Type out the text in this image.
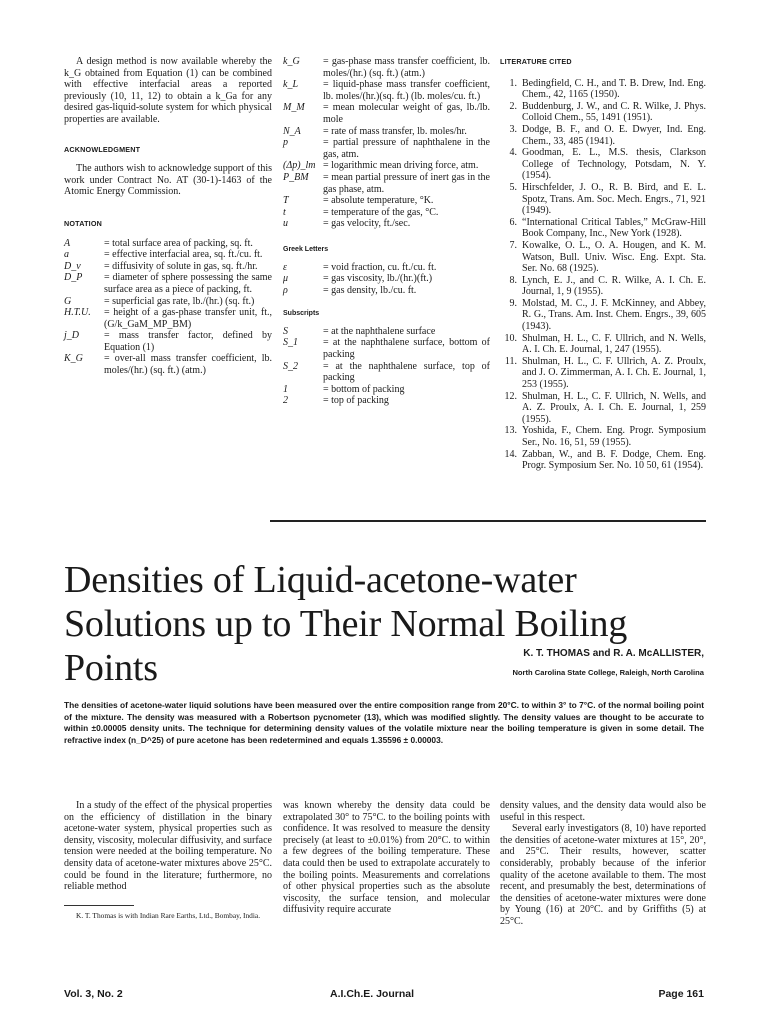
A design method is now available whereby the k_G obtained from Equation (1) can be combined with effective interfacial areas a reported previously (10, 11, 12) to obtain a k_Ga for any desired gas-liquid-solute system for which physical properties are available.

ACKNOWLEDGMENT

The authors wish to acknowledge support of this work under Contract No. AT (30-1)-1463 of the Atomic Energy Commission.

NOTATION
A	= total surface area of packing, sq. ft.
a	= effective interfacial area, sq. ft./cu. ft.
D_v	= diffusivity of solute in gas, sq. ft./hr.
D_P	= diameter of sphere possessing the same surface area as a piece of packing, ft.
G	= superficial gas rate, lb./(hr.) (sq. ft.)
H.T.U.	= height of a gas-phase transfer unit, ft., (G/k_GaM_MP_BM)
j_D	= mass transfer factor, defined by Equation (1)
K_G	= over-all mass transfer coefficient, lb. moles/(hr.) (sq. ft.) (atm.)
k_G	= gas-phase mass transfer coefficient, lb. moles/(hr.) (sq. ft.) (atm.)
k_L	= liquid-phase mass transfer coefficient, lb. moles/(hr.)(sq. ft.) (lb. moles/cu. ft.)
M_M	= mean molecular weight of gas, lb./lb. mole
N_A	= rate of mass transfer, lb. moles/hr.
p	= partial pressure of naphthalene in the gas, atm.
(Δp)_lm = logarithmic mean driving force, atm.
P_BM	= mean partial pressure of inert gas in the gas phase, atm.
T	= absolute temperature, °K.
t	= temperature of the gas, °C.
u	= gas velocity, ft./sec.
Greek Letters
ε	= void fraction, cu. ft./cu. ft.
μ	= gas viscosity, lb./(hr.)(ft.)
ρ	= gas density, lb./cu. ft.
Subscripts
S	= at the naphthalene surface
S_1	= at the naphthalene surface, bottom of packing
S_2	= at the naphthalene surface, top of packing
1	= bottom of packing
2	= top of packing
LITERATURE CITED
1. Bedingfield, C. H., and T. B. Drew, Ind. Eng. Chem., 42, 1165 (1950).
2. Buddenburg, J. W., and C. R. Wilke, J. Phys. Colloid Chem., 55, 1491 (1951).
3. Dodge, B. F., and O. E. Dwyer, Ind. Eng. Chem., 33, 485 (1941).
4. Goodman, E. L., M.S. thesis, Clarkson College of Technology, Potsdam, N. Y. (1954).
5. Hirschfelder, J. O., R. B. Bird, and E. L. Spotz, Trans. Am. Soc. Mech. Engrs., 71, 921 (1949).
6. “International Critical Tables,” McGraw-Hill Book Company, Inc., New York (1928).
7. Kowalke, O. L., O. A. Hougen, and K. M. Watson, Bull. Univ. Wisc. Eng. Expt. Sta. Ser. No. 68 (1925).
8. Lynch, E. J., and C. R. Wilke, A. I. Ch. E. Journal, 1, 9 (1955).
9. Molstad, M. C., J. F. McKinney, and Abbey, R. G., Trans. Am. Inst. Chem. Engrs., 39, 605 (1943).
10. Shulman, H. L., C. F. Ullrich, and N. Wells, A. I. Ch. E. Journal, 1, 247 (1955).
11. Shulman, H. L., C. F. Ullrich, A. Z. Proulx, and J. O. Zimmerman, A. I. Ch. E. Journal, 1, 253 (1955).
12. Shulman, H. L., C. F. Ullrich, N. Wells, and A. Z. Proulx, A. I. Ch. E. Journal, 1, 259 (1955).
13. Yoshida, F., Chem. Eng. Progr. Symposium Ser., No. 16, 51, 59 (1955).
14. Zabban, W., and B. F. Dodge, Chem. Eng. Progr. Symposium Ser. No. 10 50, 61 (1954).
Densities of Liquid-acetone-water Solutions up to Their Normal Boiling Points	K. T. THOMAS and R. A. McALLISTER,
North Carolina State College, Raleigh, North Carolina

The densities of acetone-water liquid solutions have been measured over the entire composition range from 20°C. to within 3° to 7°C. of the normal boiling point of the mixture. The density was measured with a Robertson pycnometer (13), which was modified slightly. The density values are thought to be accurate to within ±0.00005 density units. The technique for determining density values of the volatile mixture near the boiling temperature is given in some detail. The refractive index (n_D^25) of pure acetone has been redetermined and equals 1.35596 ± 0.00003.

In a study of the effect of the physical properties on the efficiency of distillation in the binary acetone-water system, physical properties such as density, viscosity, molecular diffusivity, and surface tension were needed at the boiling temperature. No density data of acetone-water mixtures above 25°C. could be found in the literature; furthermore, no reliable method

K. T. Thomas is with Indian Rare Earths, Ltd., Bombay, India.

was known whereby the density data could be extrapolated 30° to 75°C. to the boiling points with confidence. It was resolved to measure the density precisely (at least to ±0.01%) from 20°C. to within a few degrees of the boiling temperature. These data could then be used to extrapolate accurately to the boiling points. Measurements and correlations of other physical properties such as the absolute viscosity, the surface tension, and molecular diffusivity require accurate

density values, and the density data would also be useful in this respect.

Several early investigators (8, 10) have reported the densities of acetone-water mixtures at 15°, 20°, and 25°C. Their results, however, scatter considerably, probably because of the inferior quality of the acetone available to them. The most recent, and presumably the best, determinations of the densities of acetone-water mixtures were done by Young (16) at 20°C. and by Griffiths (5) at 25°C.

Vol. 3, No. 2	A.I.Ch.E. Journal	Page 161
